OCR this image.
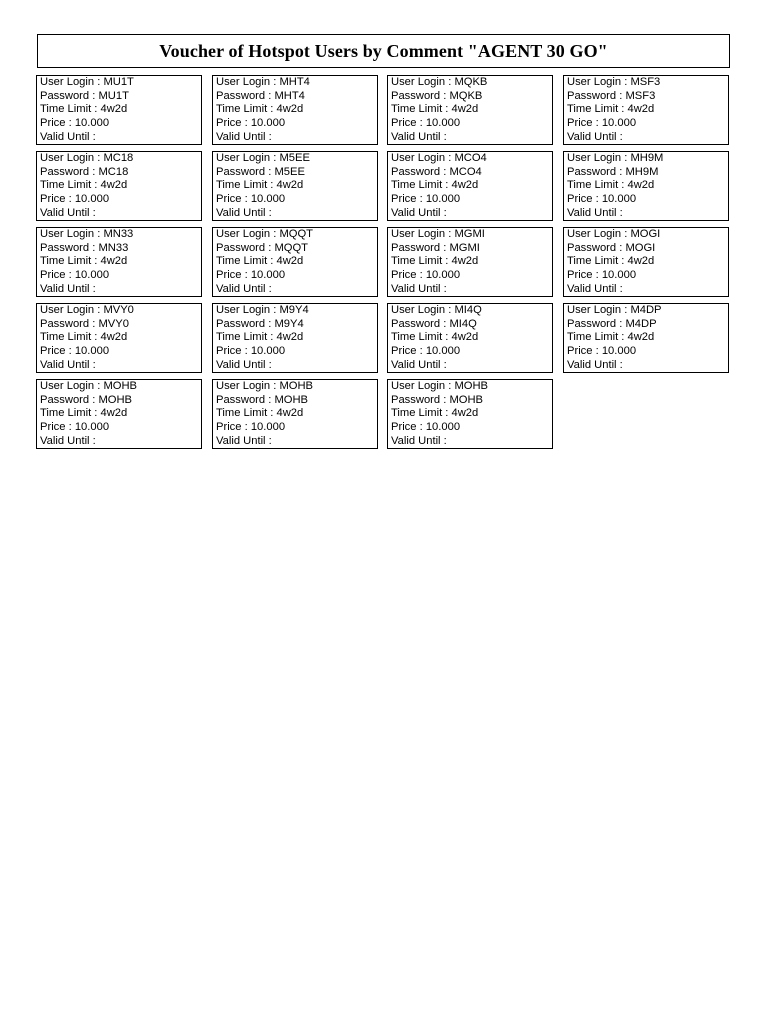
Voucher of Hotspot Users by Comment "AGENT 30 GO"
User Login : MU1T
Password : MU1T
Time Limit : 4w2d
Price : 10.000
Valid Until :
User Login : MHT4
Password : MHT4
Time Limit : 4w2d
Price : 10.000
Valid Until :
User Login : MQKB
Password : MQKB
Time Limit : 4w2d
Price : 10.000
Valid Until :
User Login : MSF3
Password : MSF3
Time Limit : 4w2d
Price : 10.000
Valid Until :
User Login : MC18
Password : MC18
Time Limit : 4w2d
Price : 10.000
Valid Until :
User Login : M5EE
Password : M5EE
Time Limit : 4w2d
Price : 10.000
Valid Until :
User Login : MCO4
Password : MCO4
Time Limit : 4w2d
Price : 10.000
Valid Until :
User Login : MH9M
Password : MH9M
Time Limit : 4w2d
Price : 10.000
Valid Until :
User Login : MN33
Password : MN33
Time Limit : 4w2d
Price : 10.000
Valid Until :
User Login : MQQT
Password : MQQT
Time Limit : 4w2d
Price : 10.000
Valid Until :
User Login : MGMI
Password : MGMI
Time Limit : 4w2d
Price : 10.000
Valid Until :
User Login : MOGI
Password : MOGI
Time Limit : 4w2d
Price : 10.000
Valid Until :
User Login : MVY0
Password : MVY0
Time Limit : 4w2d
Price : 10.000
Valid Until :
User Login : M9Y4
Password : M9Y4
Time Limit : 4w2d
Price : 10.000
Valid Until :
User Login : MI4Q
Password : MI4Q
Time Limit : 4w2d
Price : 10.000
Valid Until :
User Login : M4DP
Password : M4DP
Time Limit : 4w2d
Price : 10.000
Valid Until :
User Login : MOHB
Password : MOHB
Time Limit : 4w2d
Price : 10.000
Valid Until :
User Login : MOHB
Password : MOHB
Time Limit : 4w2d
Price : 10.000
Valid Until :
User Login : MOHB
Password : MOHB
Time Limit : 4w2d
Price : 10.000
Valid Until :
